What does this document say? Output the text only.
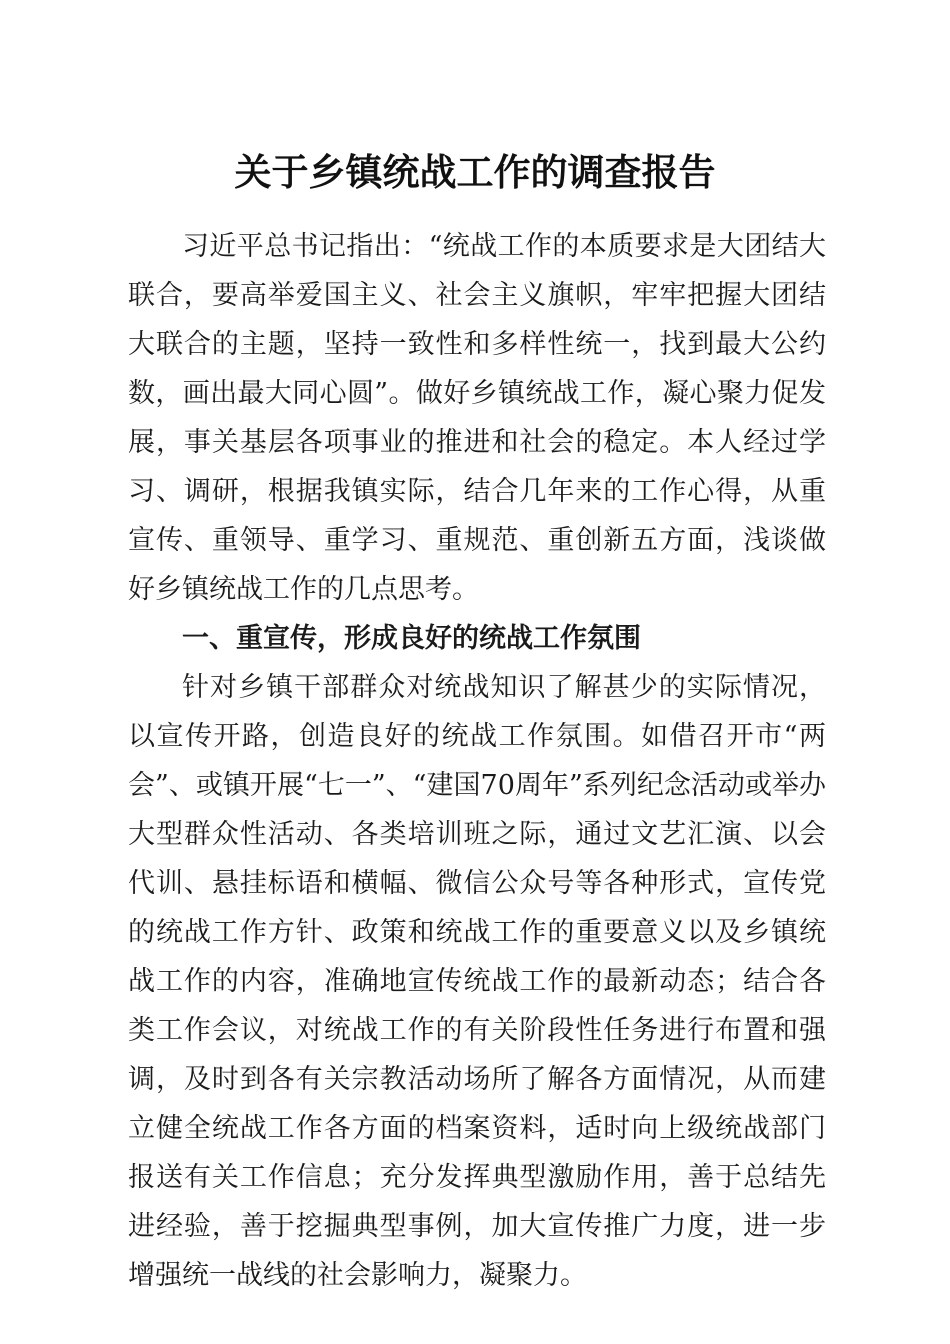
关于乡镇统战工作的调查报告

习近平总书记指出：“统战工作的本质要求是大团结大联合，要高举爱国主义、社会主义旗帜，牢牢把握大团结大联合的主题，坚持一致性和多样性统一，找到最大公约数，画出最大同心圆”。做好乡镇统战工作，凝心聚力促发展，事关基层各项事业的推进和社会的稳定。本人经过学习、调研，根据我镇实际，结合几年来的工作心得，从重宣传、重领导、重学习、重规范、重创新五方面，浅谈做好乡镇统战工作的几点思考。

一、重宣传，形成良好的统战工作氛围

针对乡镇干部群众对统战知识了解甚少的实际情况，以宣传开路，创造良好的统战工作氛围。如借召开市“两会”、或镇开展“七一”、“建国70周年”系列纪念活动或举办大型群众性活动、各类培训班之际，通过文艺汇演、以会代训、悬挂标语和横幅、微信公众号等各种形式，宣传党的统战工作方针、政策和统战工作的重要意义以及乡镇统战工作的内容，准确地宣传统战工作的最新动态；结合各类工作会议，对统战工作的有关阶段性任务进行布置和强调，及时到各有关宗教活动场所了解各方面情况，从而建立健全统战工作各方面的档案资料，适时向上级统战部门报送有关工作信息；充分发挥典型激励作用，善于总结先进经验，善于挖掘典型事例，加大宣传推广力度，进一步增强统一战线的社会影响力，凝聚力。
